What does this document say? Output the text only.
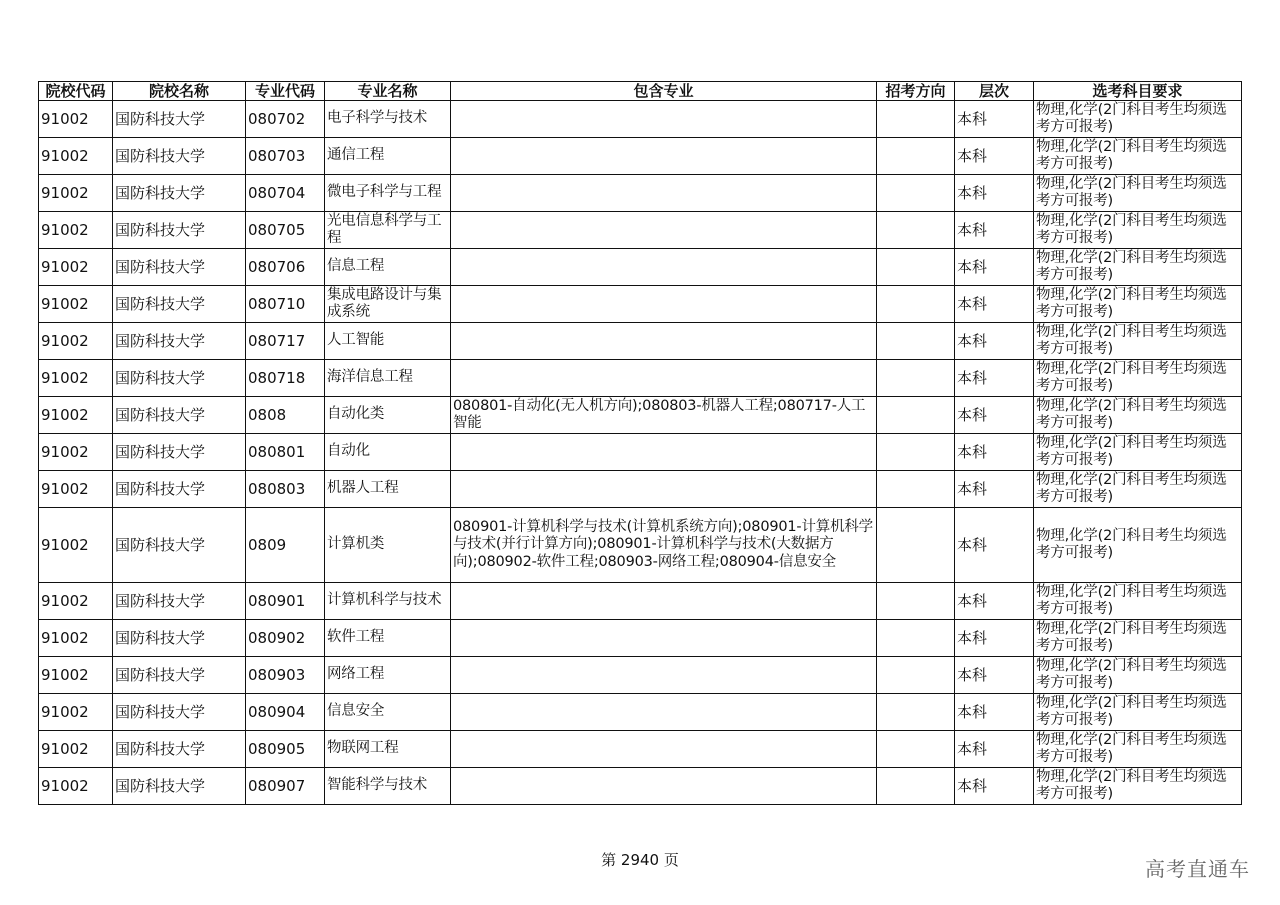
院校代码	院校名称	专业代码	专业名称	包含专业	招考方向	层次	选考科目要求
91002	国防科技大学	080702	电子科学与技术			本科	物理,化学(2门科目考生均须选考方可报考)
91002	国防科技大学	080703	通信工程			本科	物理,化学(2门科目考生均须选考方可报考)
91002	国防科技大学	080704	微电子科学与工程			本科	物理,化学(2门科目考生均须选考方可报考)
91002	国防科技大学	080705	光电信息科学与工程			本科	物理,化学(2门科目考生均须选考方可报考)
91002	国防科技大学	080706	信息工程			本科	物理,化学(2门科目考生均须选考方可报考)
91002	国防科技大学	080710	集成电路设计与集成系统			本科	物理,化学(2门科目考生均须选考方可报考)
91002	国防科技大学	080717	人工智能			本科	物理,化学(2门科目考生均须选考方可报考)
91002	国防科技大学	080718	海洋信息工程			本科	物理,化学(2门科目考生均须选考方可报考)
91002	国防科技大学	0808	自动化类	080801-自动化(无人机方向);080803-机器人工程;080717-人工智能		本科	物理,化学(2门科目考生均须选考方可报考)
91002	国防科技大学	080801	自动化			本科	物理,化学(2门科目考生均须选考方可报考)
91002	国防科技大学	080803	机器人工程			本科	物理,化学(2门科目考生均须选考方可报考)
91002	国防科技大学	0809	计算机类	080901-计算机科学与技术(计算机系统方向);080901-计算机科学与技术(并行计算方向);080901-计算机科学与技术(大数据方向);080902-软件工程;080903-网络工程;080904-信息安全		本科	物理,化学(2门科目考生均须选考方可报考)
91002	国防科技大学	080901	计算机科学与技术			本科	物理,化学(2门科目考生均须选考方可报考)
91002	国防科技大学	080902	软件工程			本科	物理,化学(2门科目考生均须选考方可报考)
91002	国防科技大学	080903	网络工程			本科	物理,化学(2门科目考生均须选考方可报考)
91002	国防科技大学	080904	信息安全			本科	物理,化学(2门科目考生均须选考方可报考)
91002	国防科技大学	080905	物联网工程			本科	物理,化学(2门科目考生均须选考方可报考)
91002	国防科技大学	080907	智能科学与技术			本科	物理,化学(2门科目考生均须选考方可报考)
第 2940 页	高考直通车
